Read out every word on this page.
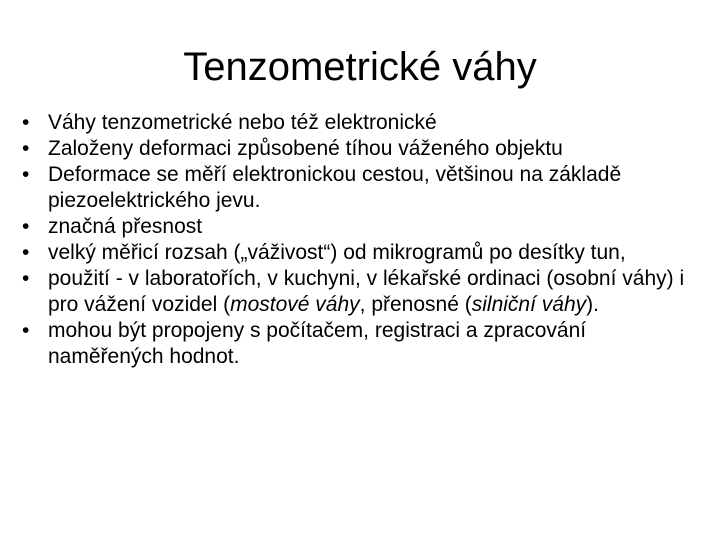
Tenzometrické váhy
• Váhy tenzometrické nebo též elektronické
• Založeny deformaci způsobené tíhou váženého objektu
• Deformace se měří elektronickou cestou, většinou na základě piezoelektrického jevu.
• značná přesnost
• velký měřicí rozsah („váživost“) od mikrogramů po desítky tun,
• použití - v laboratořích, v kuchyni, v lékařské ordinaci (osobní váhy) i pro vážení vozidel (mostové váhy, přenosné (silniční váhy).
• mohou být propojeny s počítačem, registraci a zpracování naměřených hodnot.
